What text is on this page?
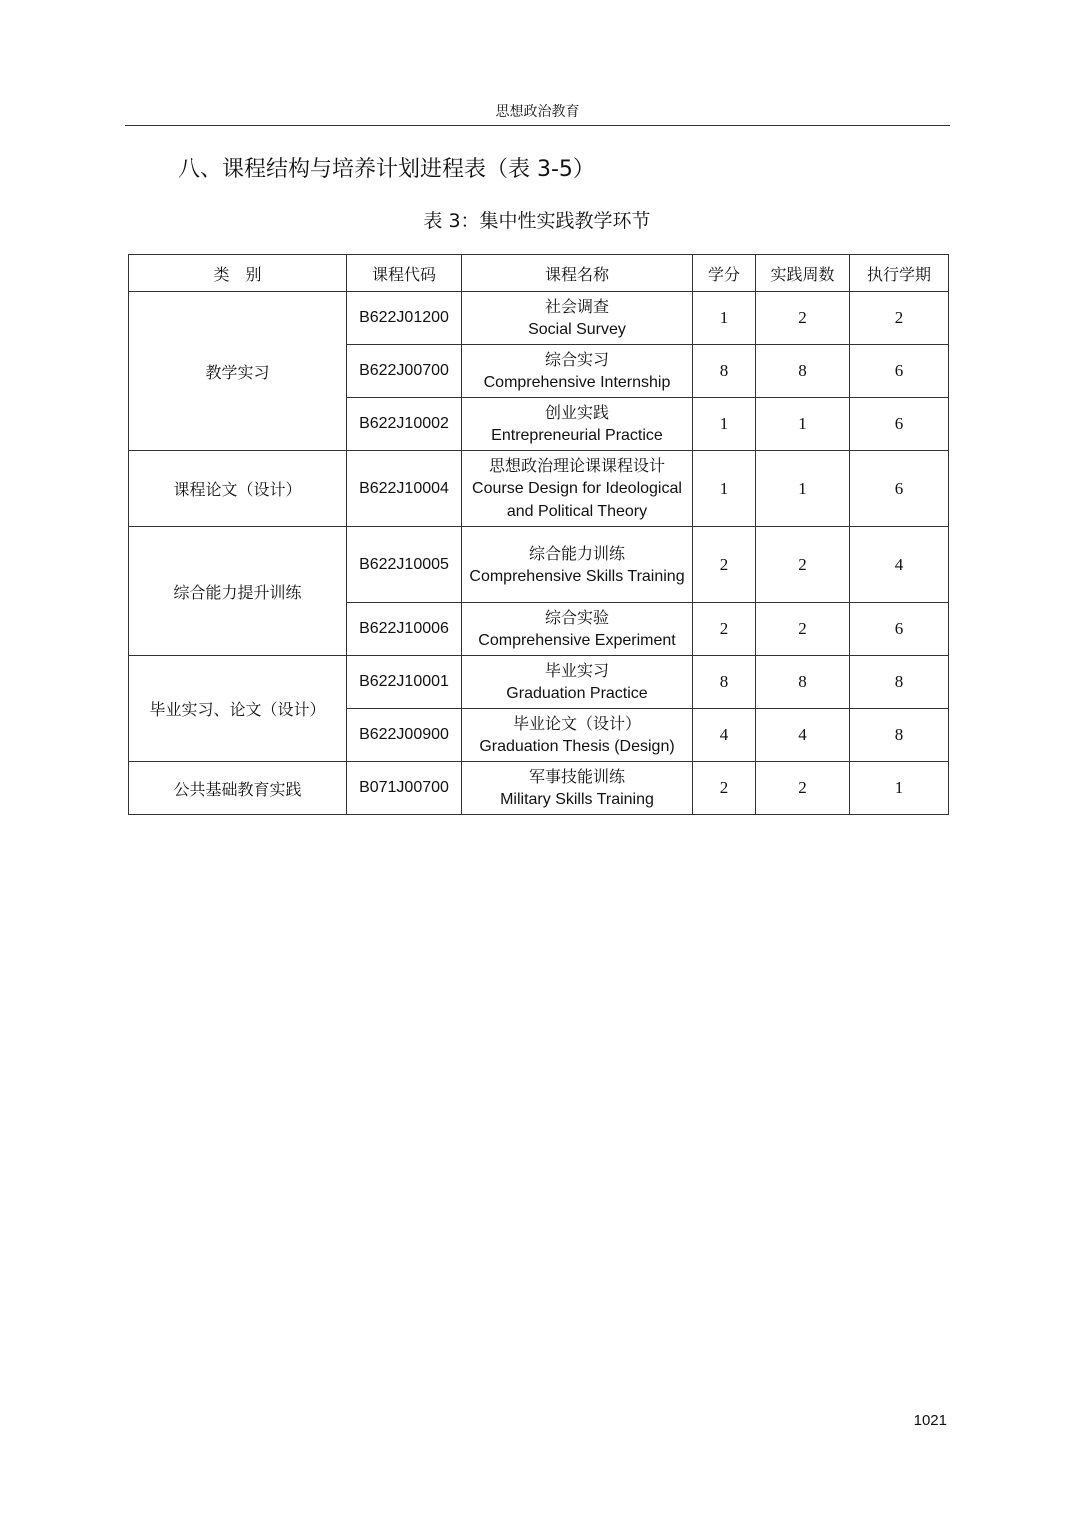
思想政治教育
八、课程结构与培养计划进程表（表 3-5）
表 3：集中性实践教学环节
类　别	课程代码	课程名称	学分	实践周数	执行学期
教学实习	B622J01200	社会调查
Social Survey	1	2	2
	B622J00700	综合实习
Comprehensive Internship	8	8	6
	B622J10002	创业实践
Entrepreneurial Practice	1	1	6
课程论文（设计）	B622J10004	思想政治理论课课程设计
Course Design for Ideological and Political Theory	1	1	6
综合能力提升训练	B622J10005	综合能力训练
Comprehensive Skills Training	2	2	4
	B622J10006	综合实验
Comprehensive Experiment	2	2	6
毕业实习、论文（设计）	B622J10001	毕业实习
Graduation Practice	8	8	8
	B622J00900	毕业论文（设计）
Graduation Thesis (Design)	4	4	8
公共基础教育实践	B071J00700	军事技能训练
Military Skills Training	2	2	1
1021
